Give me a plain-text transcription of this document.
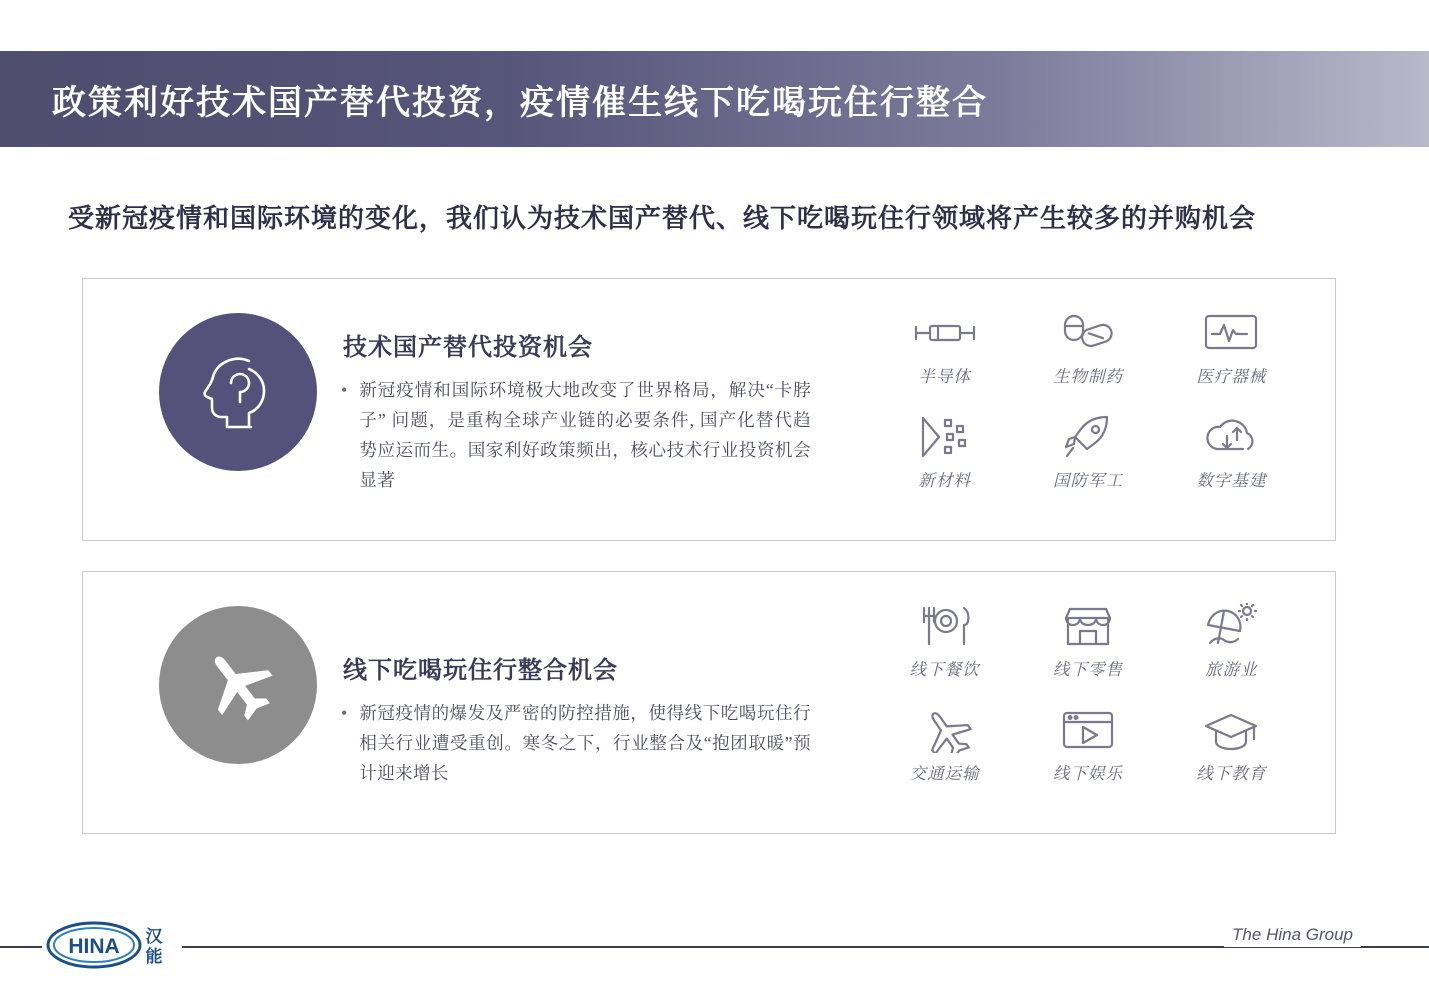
政策利好技术国产替代投资，疫情催生线下吃喝玩住行整合
受新冠疫情和国际环境的变化，我们认为技术国产替代、线下吃喝玩住行领域将产生较多的并购机会
技术国产替代投资机会
• 新冠疫情和国际环境极大地改变了世界格局，解决“卡脖子” 问题，是重构全球产业链的必要条件, 国产化替代趋势应运而生。国家利好政策频出，核心技术行业投资机会显著
半导体	生物制药	医疗器械
新材料	国防军工	数字基建
线下吃喝玩住行整合机会
• 新冠疫情的爆发及严密的防控措施，使得线下吃喝玩住行相关行业遭受重创。寒冬之下，行业整合及“抱团取暖”预计迎来增长
线下餐饮	线下零售	旅游业
交通运输	线下娱乐	线下教育
HINA 汉
能
The Hina Group
